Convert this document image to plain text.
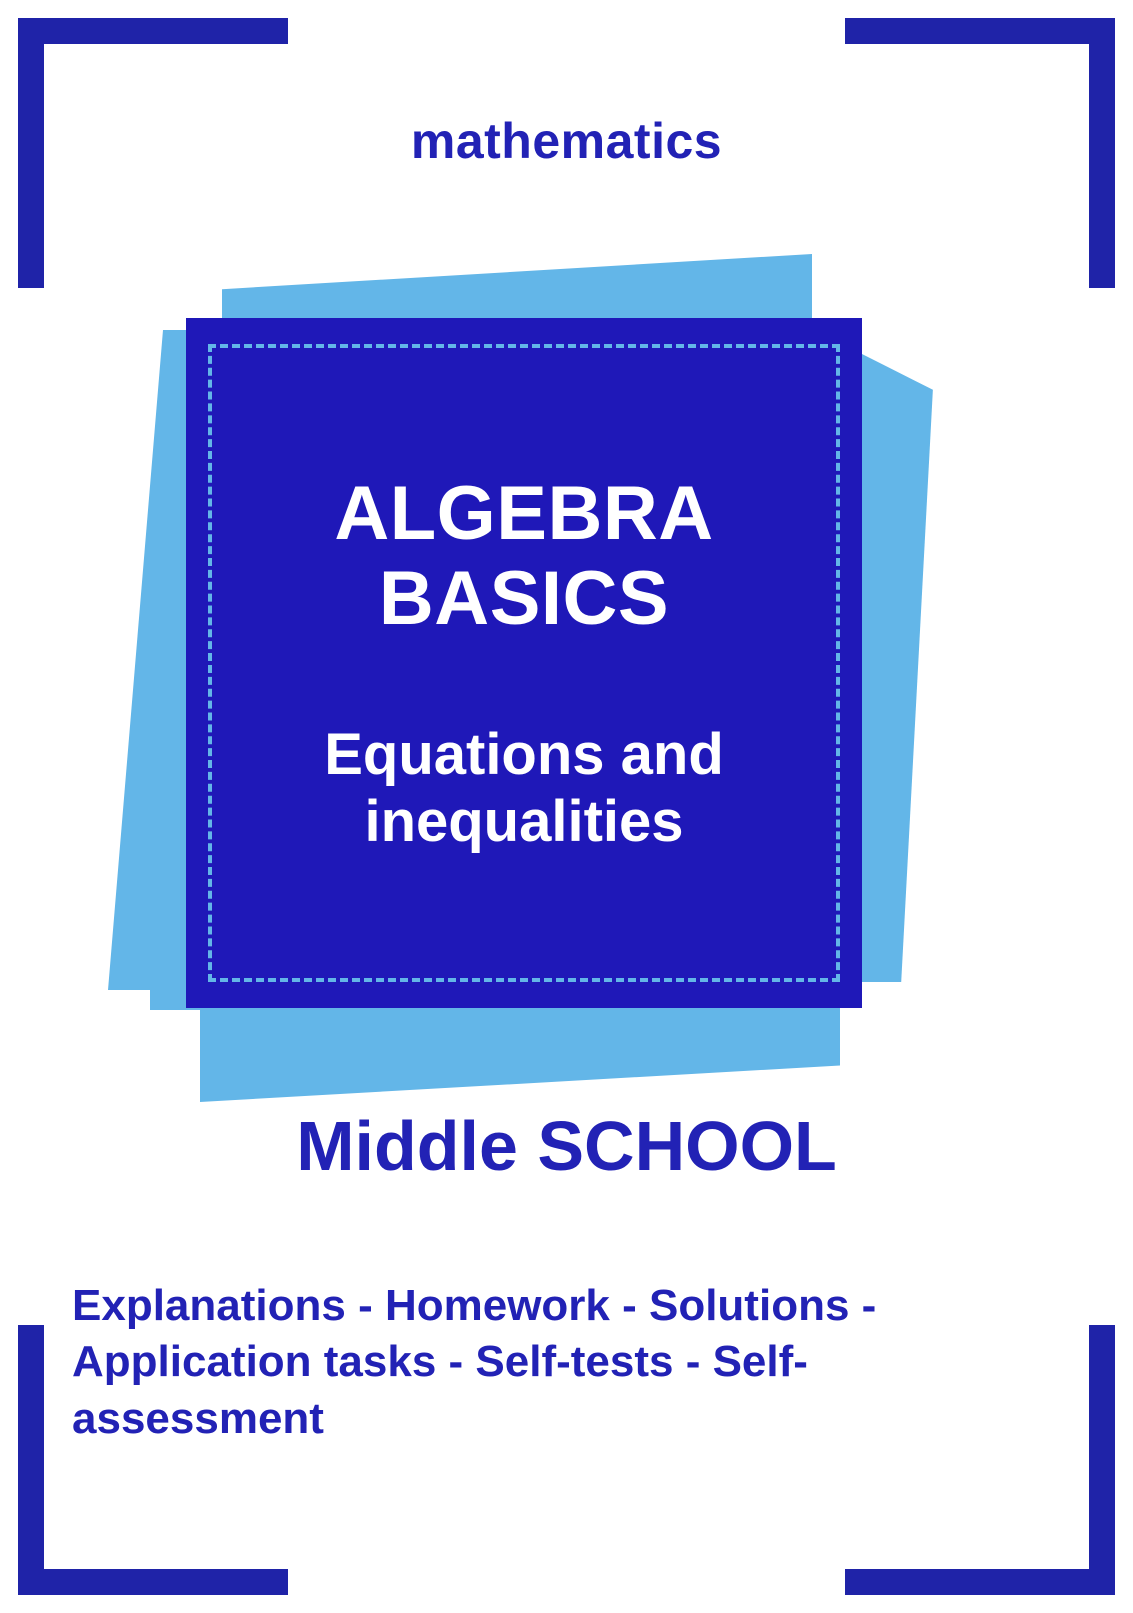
mathematics
ALGEBRA BASICS
Equations and inequalities
Middle SCHOOL
Explanations - Homework - Solutions - Application tasks - Self-tests - Self-assessment
